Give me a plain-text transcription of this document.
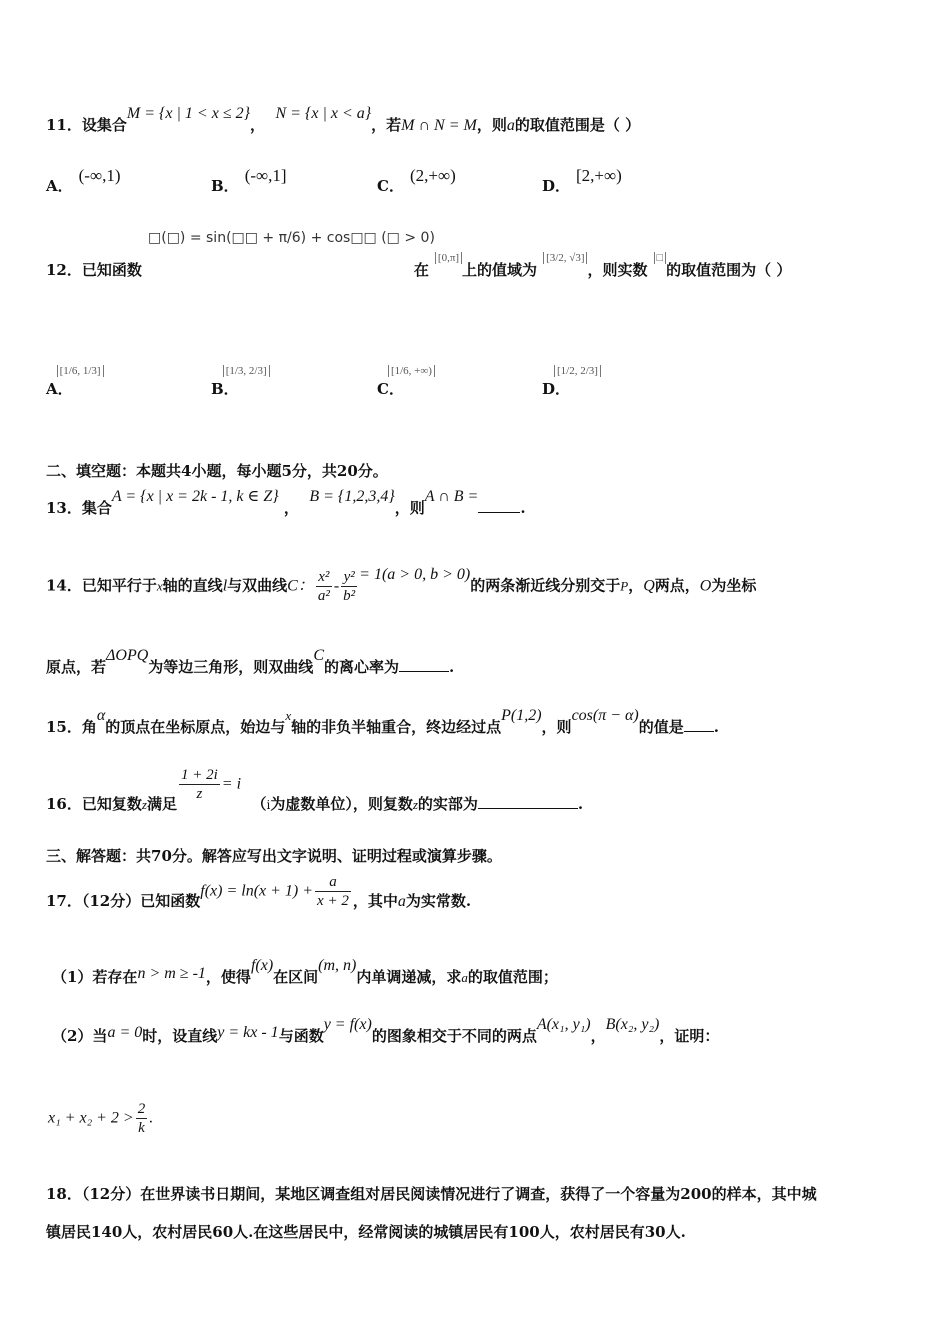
11．设集合M = {x | 1 < x ≤ 2}，  N = {x | x < a}，若M ∩ N = M，则a的取值范围是（ ）
A．(-∞,1)
B．(-∞,1]
C．(2,+∞)
D．[2,+∞)
□(□) = sin(□□ + π/6) + cos□□ (□ > 0)
12．已知函数	在[0,π]上的值域为[3/2, √3]，则实数□的取值范围为（ ）
A．[1/6, 1/3]
B．[1/3, 2/3]
C．[1/6, +∞)
D．[1/2, 2/3]
二、填空题：本题共4小题，每小题5分，共20分。
13．集合A = {x | x = 2k - 1, k ∈ Z} ，  B = {1,2,3,4}，则A ∩ B =.
14．已知平行于x轴的直线l与双曲线C： $\frac{\text{x²}}{\text{a²}} - \frac{\text{y²}}{\text{b²}} = 1(a > 0$, b > 0)的两条渐近线分别交于P，Q两点，O为坐标
原点，若ΔOPQ为等边三角形，则双曲线C的离心率为	.
15．角α的顶点在坐标原点，始边与x轴的非负半轴重合，终边经过点P(1,2)，则cos(π − α)的值是 .
16．已知复数z满足
$\frac{1 + 2i}{z} = i$  （$_i$为虚数单位），则复数z的实部为	.
三、解答题：共70分。解答应写出文字说明、证明过程或演算步骤。
17．（12分）已知函数$f(x) = \ln(x + 1) + \frac{a}{x + 2}$ ，其中a为实常数.
（1）若存在n > m ≥ -1，使得f(x)在区间(m, n)内单调递减，求a的取值范围；
（2）当a = 0时，设直线y = kx - 1与函数y = f(x)的图象相交于不同的两点A(x₁, y₁)，B(x₂, y₂)，证明：
$x_1 + x_2 + 2 > \frac{2}{k}$ .
18．（12分）在世界读书日期间，某地区调查组对居民阅读情况进行了调查，获得了一个容量为200的样本，其中城
镇居民140人，农村居民60人.在这些居民中，经常阅读的城镇居民有100人，农村居民有30人.
